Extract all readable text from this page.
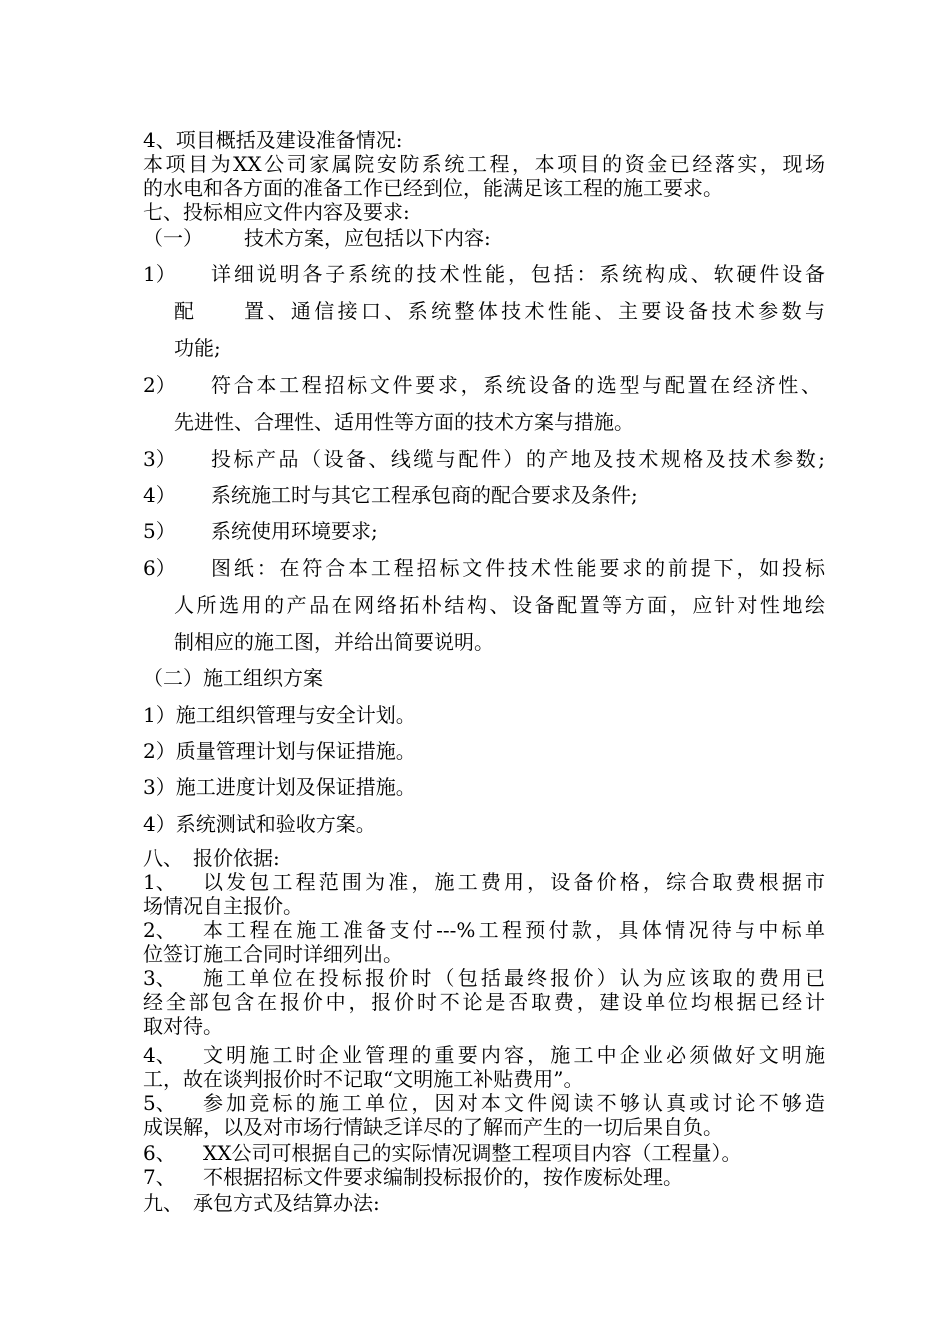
4、项目概括及建设准备情况:
本项目为XX公司家属院安防系统工程，本项目的资金已经落实，现场
的水电和各方面的准备工作已经到位，能满足该工程的施工要求。
七、投标相应文件内容及要求:
（一） 技术方案，应包括以下内容:
1） 详细说明各子系统的技术性能，包括：系统构成、软硬件设备
配　　置、通信接口、系统整体技术性能、主要设备技术参数与
功能;
2） 符合本工程招标文件要求，系统设备的选型与配置在经济性、
先进性、合理性、适用性等方面的技术方案与措施。
3） 投标产品（设备、线缆与配件）的产地及技术规格及技术参数;
4） 系统施工时与其它工程承包商的配合要求及条件;
5） 系统使用环境要求;
6） 图纸：在符合本工程招标文件技术性能要求的前提下，如投标
人所选用的产品在网络拓朴结构、设备配置等方面，应针对性地绘
制相应的施工图，并给出简要说明。
（二）施工组织方案
1）施工组织管理与安全计划。
2）质量管理计划与保证措施。
3）施工进度计划及保证措施。
4）系统测试和验收方案。
八、　报价依据:
1、 以发包工程范围为准，施工费用，设备价格，综合取费根据市
场情况自主报价。
2、 本工程在施工准备支付---%工程预付款，具体情况待与中标单
位签订施工合同时详细列出。
3、 施工单位在投标报价时（包括最终报价）认为应该取的费用已
经全部包含在报价中，报价时不论是否取费，建设单位均根据已经计
取对待。
4、 文明施工时企业管理的重要内容，施工中企业必须做好文明施
工，故在谈判报价时不记取“文明施工补贴费用”。
5、 参加竞标的施工单位，因对本文件阅读不够认真或讨论不够造
成误解，以及对市场行情缺乏详尽的了解而产生的一切后果自负。
6、 XX公司可根据自己的实际情况调整工程项目内容（工程量）。
7、 不根据招标文件要求编制投标报价的，按作废标处理。
九、　承包方式及结算办法:
